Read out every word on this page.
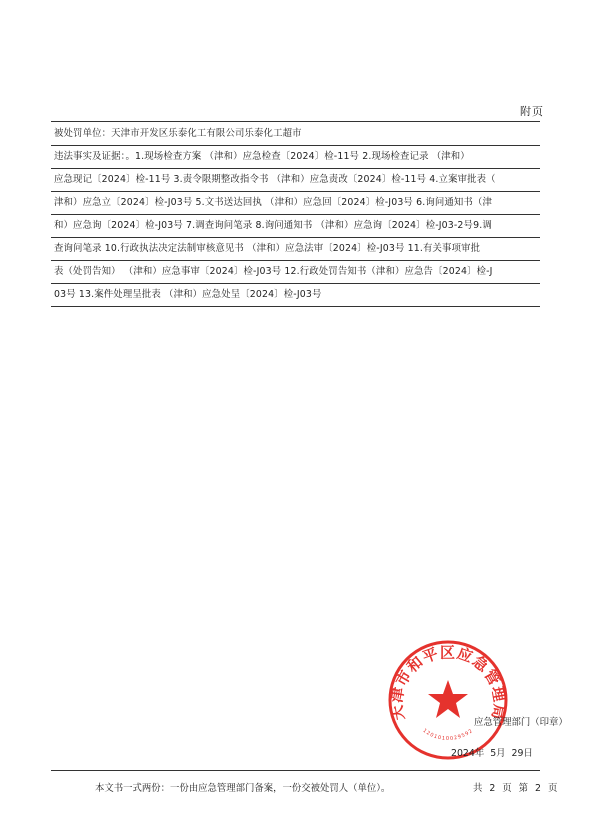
附页
被处罚单位：天津市开发区乐泰化工有限公司乐泰化工超市
违法事实及证据：。1.现场检查方案 （津和）应急检查〔2024〕检-11号 2.现场检查记录 （津和）
应急现记〔2024〕检-11号 3.责令限期整改指令书 （津和）应急责改〔2024〕检-11号 4.立案审批表（
津和）应急立〔2024〕检-J03号 5.文书送达回执 （津和）应急回〔2024〕检-J03号 6.询问通知书（津
和）应急询〔2024〕检-J03号 7.调查询问笔录 8.询问通知书 （津和）应急询〔2024〕检-J03-2号9.调
查询问笔录 10.行政执法决定法制审核意见书 （津和）应急法审〔2024〕检-J03号 11.有关事项审批
表（处罚告知） （津和）应急事审〔2024〕检-J03号 12.行政处罚告知书（津和）应急告〔2024〕检-J
03号 13.案件处理呈批表 （津和）应急处呈〔2024〕检-J03号
天津市和平区应急管理局
1201010029592
应急管理部门（印章）
2024年 5月 29日
本文书一式两份：一份由应急管理部门备案，一份交被处罚人（单位）。	共 2 页 第 2 页
